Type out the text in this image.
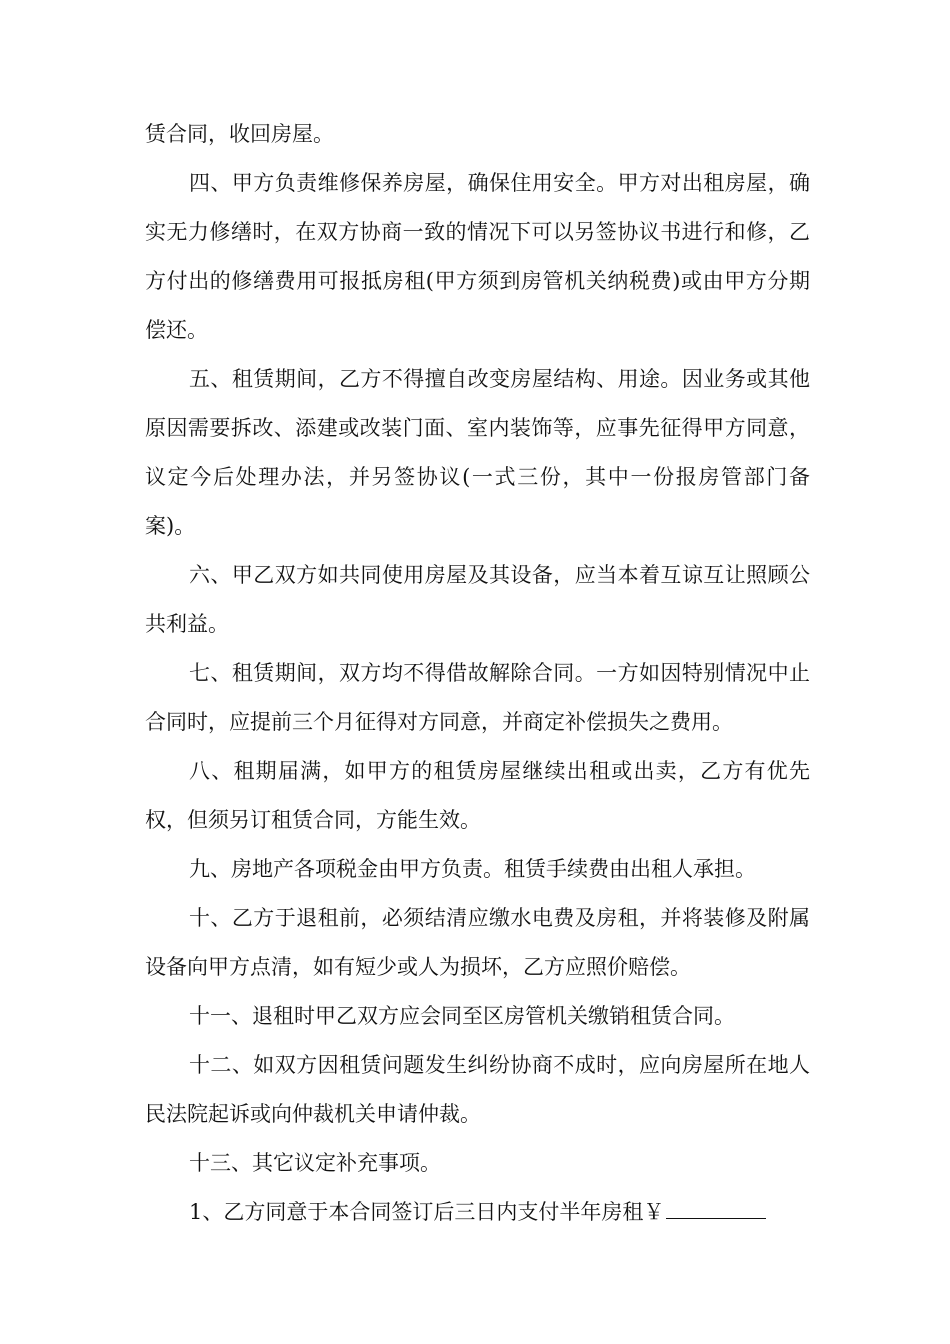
赁合同，收回房屋。

四、甲方负责维修保养房屋，确保住用安全。甲方对出租房屋，确实无力修缮时，在双方协商一致的情况下可以另签协议书进行和修，乙方付出的修缮费用可报抵房租(甲方须到房管机关纳税费)或由甲方分期偿还。

五、租赁期间，乙方不得擅自改变房屋结构、用途。因业务或其他原因需要拆改、添建或改装门面、室内装饰等，应事先征得甲方同意，议定今后处理办法，并另签协议(一式三份，其中一份报房管部门备案)。

六、甲乙双方如共同使用房屋及其设备，应当本着互谅互让照顾公共利益。

七、租赁期间，双方均不得借故解除合同。一方如因特别情况中止合同时，应提前三个月征得对方同意，并商定补偿损失之费用。

八、租期届满，如甲方的租赁房屋继续出租或出卖，乙方有优先权，但须另订租赁合同，方能生效。

九、房地产各项税金由甲方负责。租赁手续费由出租人承担。

十、乙方于退租前，必须结清应缴水电费及房租，并将装修及附属设备向甲方点清，如有短少或人为损坏，乙方应照价赔偿。

十一、退租时甲乙双方应会同至区房管机关缴销租赁合同。

十二、如双方因租赁问题发生纠纷协商不成时，应向房屋所在地人民法院起诉或向仲裁机关申请仲裁。

十三、其它议定补充事项。

1、乙方同意于本合同签订后三日内支付半年房租￥
